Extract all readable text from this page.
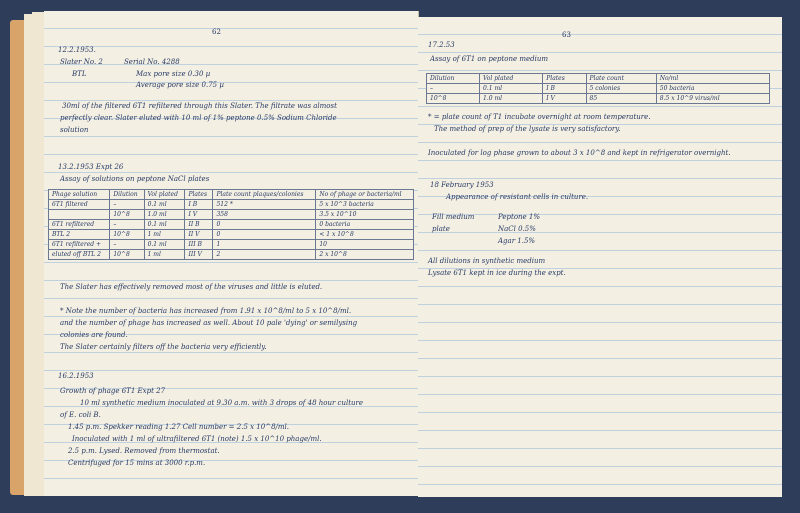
62
12.2.1953.
Slater No. 2	Serial No. 4288
BTL	Max pore size 0.30 µ
Average pore size 0.75 µ
30ml of the filtered 6T1 refiltered through this Slater. The filtrate was almost
perfectly clear. Slater eluted with 10 ml of 1% peptone 0.5% Sodium Chloride
solution
13.2.1953 Expt 26
Assay of solutions on peptone NaCl plates
The Slater has effectively removed most of the viruses and little is eluted.
* Note the number of bacteria has increased from 1.91 x 10^8/ml to 5 x 10^8/ml.
and the number of phage has increased as well. About 10 pale 'dying' or semilysing
colonies are found.
The Slater certainly filters off the bacteria very efficiently.
16.2.1953
Growth of phage 6T1 Expt 27
10 ml synthetic medium inoculated at 9.30 a.m. with 3 drops of 48 hour culture
of E. coli B.
1.45 p.m. Spekker reading 1.27 Cell number = 2.5 x 10^8/ml.
Inoculated with 1 ml of ultrafiltered 6T1 (note) 1.5 x 10^10 phage/ml.
2.5 p.m. Lysed. Removed from thermostat.
Centrifuged for 15 mins at 3000 r.p.m.
Phage solution	Dilution	Vol plated	Plates	Plate count plaques/colonies	No of phage or bacteria/ml
6T1 filtered	–	0.1 ml	I B	512 *	5 x 10^3 bacteria
	10^8	1.0 ml	I V	358	3.5 x 10^10
6T1 refiltered	–	0.1 ml	II B	0	0 bacteria
BTL 2	10^8	1 ml	II V	0	< 1 x 10^8
6T1 refiltered +	–	0.1 ml	III B	1	10
eluted off BTL 2	10^8	1 ml	III V	2	2 x 10^8
63
17.2.53
Assay of 6T1 on peptone medium
* = plate count of T1 incubate overnight at room temperature.
The method of prep of the lysate is very satisfactory.
Inoculated for log phase grown to about 3 x 10^8 and kept in refrigerator overnight.
18 February 1953
Appearance of resistant cells in culture.
Fill medium	Peptone 1%
plate	NaCl 0.5%
Agar 1.5%
All dilutions in synthetic medium
Lysate 6T1 kept in ice during the expt.
Dilution	Vol plated	Plates	Plate count	No/ml
–	0.1 ml	I B	5 colonies	50 bacteria
10^8	1.0 ml	I V	85	8.5 x 10^9 virus/ml
